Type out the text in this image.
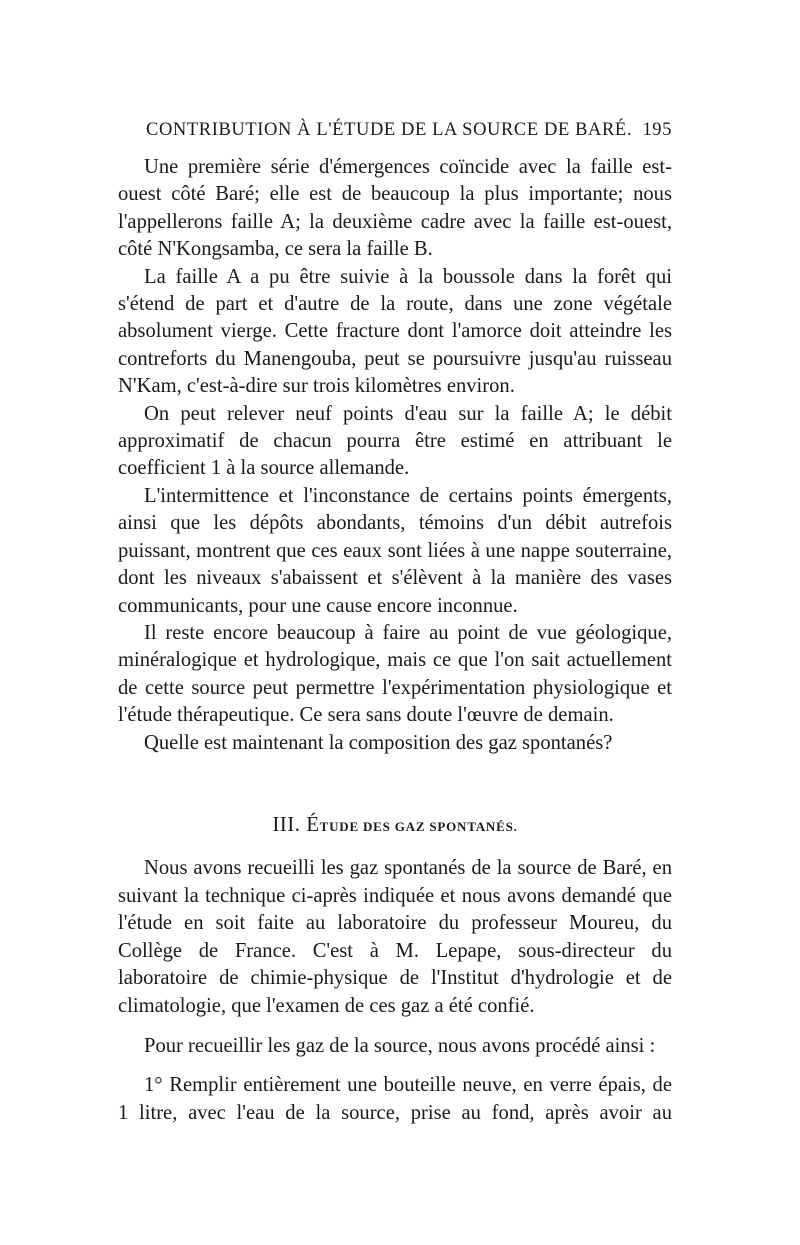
CONTRIBUTION À L'ÉTUDE DE LA SOURCE DE BARÉ. 195

Une première série d'émergences coïncide avec la faille est-ouest côté Baré; elle est de beaucoup la plus importante; nous l'appellerons faille A; la deuxième cadre avec la faille est-ouest, côté N'Kongsamba, ce sera la faille B.

La faille A a pu être suivie à la boussole dans la forêt qui s'étend de part et d'autre de la route, dans une zone végétale absolument vierge. Cette fracture dont l'amorce doit atteindre les contreforts du Manengouba, peut se poursuivre jusqu'au ruisseau N'Kam, c'est-à-dire sur trois kilomètres environ.

On peut relever neuf points d'eau sur la faille A; le débit approximatif de chacun pourra être estimé en attribuant le coefficient 1 à la source allemande.

L'intermittence et l'inconstance de certains points émergents, ainsi que les dépôts abondants, témoins d'un débit autrefois puissant, montrent que ces eaux sont liées à une nappe souterraine, dont les niveaux s'abaissent et s'élèvent à la manière des vases communicants, pour une cause encore inconnue.

Il reste encore beaucoup à faire au point de vue géologique, minéralogique et hydrologique, mais ce que l'on sait actuellement de cette source peut permettre l'expérimentation physiologique et l'étude thérapeutique. Ce sera sans doute l'œuvre de demain.

Quelle est maintenant la composition des gaz spontanés?

III. ÉTUDE DES GAZ SPONTANÉS.

Nous avons recueilli les gaz spontanés de la source de Baré, en suivant la technique ci-après indiquée et nous avons demandé que l'étude en soit faite au laboratoire du professeur Moureu, du Collège de France. C'est à M. Lepape, sous-directeur du laboratoire de chimie-physique de l'Institut d'hydrologie et de climatologie, que l'examen de ces gaz a été confié.

Pour recueillir les gaz de la source, nous avons procédé ainsi :

1° Remplir entièrement une bouteille neuve, en verre épais, de 1 litre, avec l'eau de la source, prise au fond, après avoir au
